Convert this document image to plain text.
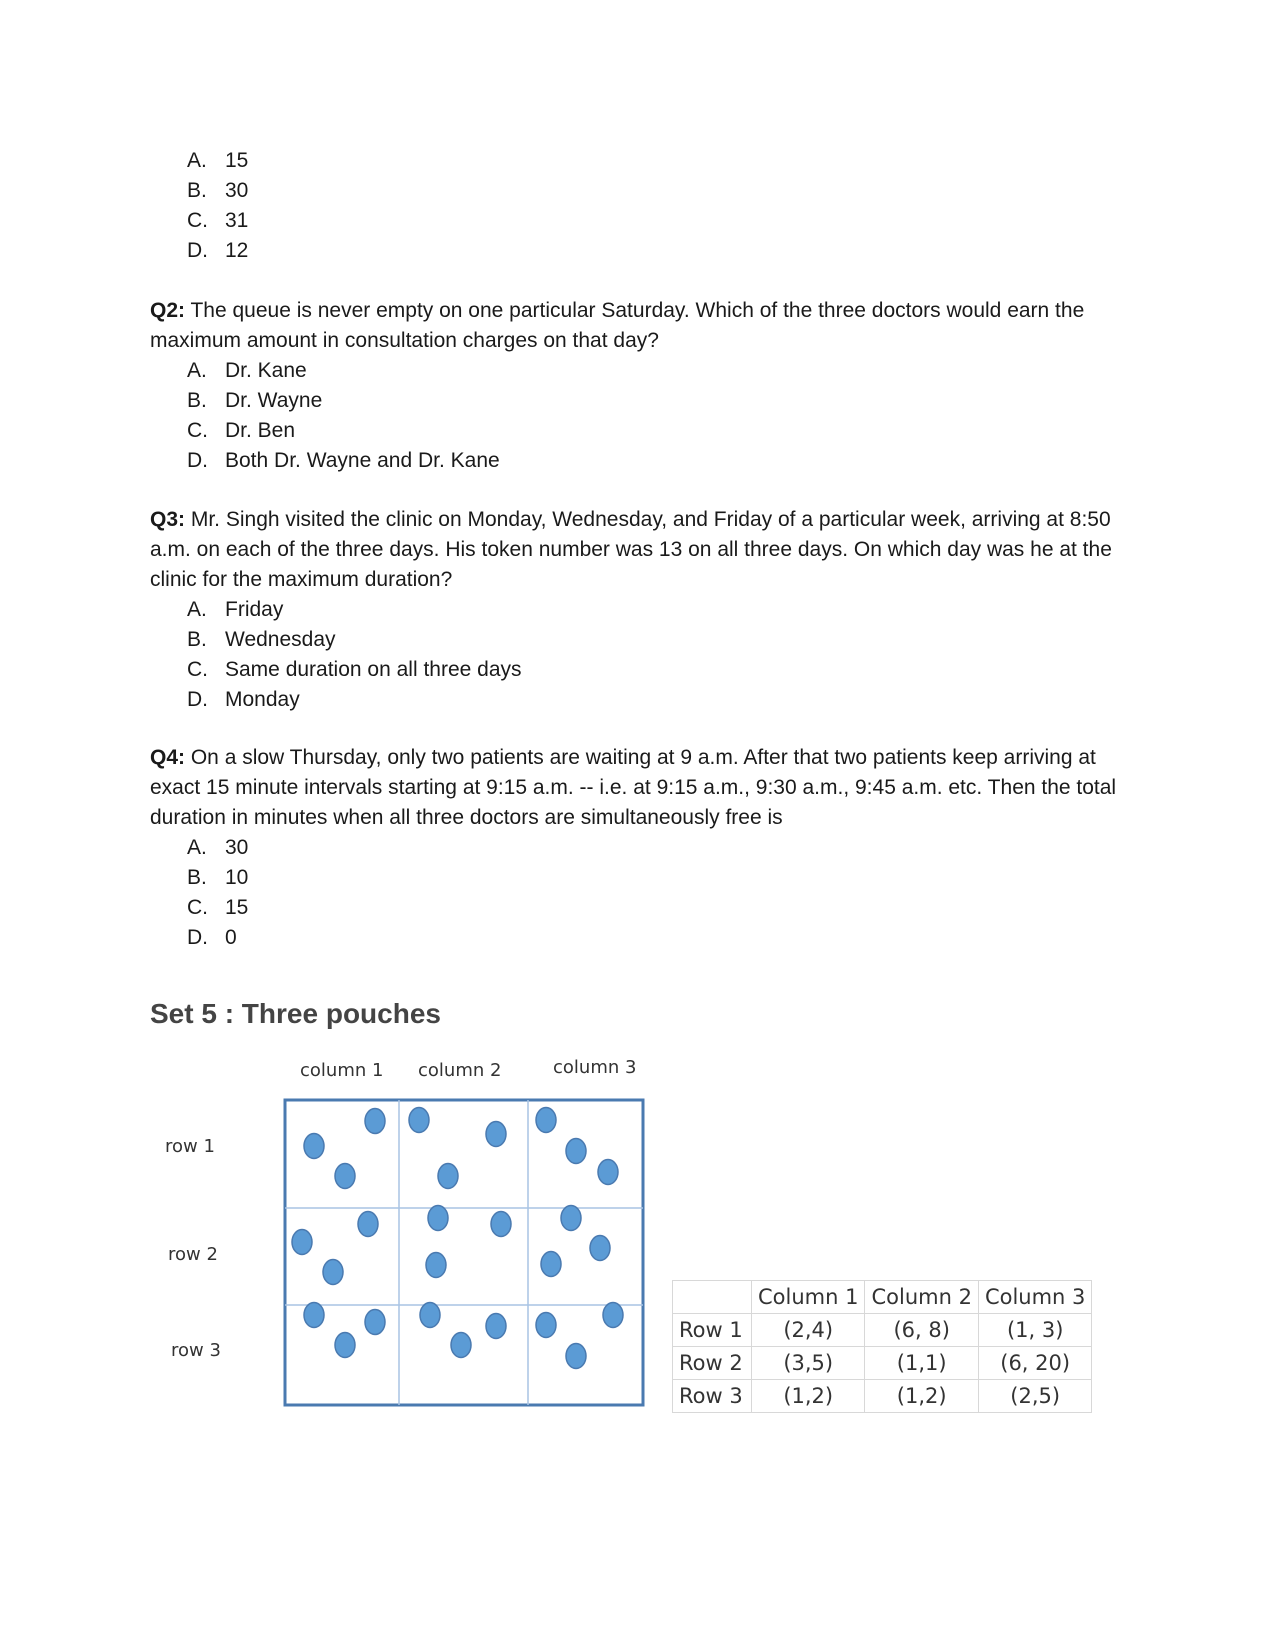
A. 15
B. 30
C. 31
D. 12

Q2: The queue is never empty on one particular Saturday. Which of the three doctors would earn the maximum amount in consultation charges on that day?

A. Dr. Kane
B. Dr. Wayne
C. Dr. Ben
D. Both Dr. Wayne and Dr. Kane

Q3: Mr. Singh visited the clinic on Monday, Wednesday, and Friday of a particular week, arriving at 8:50 a.m. on each of the three days. His token number was 13 on all three days. On which day was he at the clinic for the maximum duration?

A. Friday
B. Wednesday
C. Same duration on all three days
D. Monday

Q4: On a slow Thursday, only two patients are waiting at 9 a.m. After that two patients keep arriving at exact 15 minute intervals starting at 9:15 a.m. -- i.e. at 9:15 a.m., 9:30 a.m., 9:45 a.m. etc. Then the total duration in minutes when all three doctors are simultaneously free is

A. 30
B. 10
C. 15
D. 0
Set 5 : Three pouches
column 1 column 2	column 3
row 1
row 2
row 3
	Column 1	Column 2	Column 3
Row 1	(2,4)	(6, 8)	(1, 3)
Row 2	(3,5)	(1,1)	(6, 20)
Row 3	(1,2)	(1,2)	(2,5)
